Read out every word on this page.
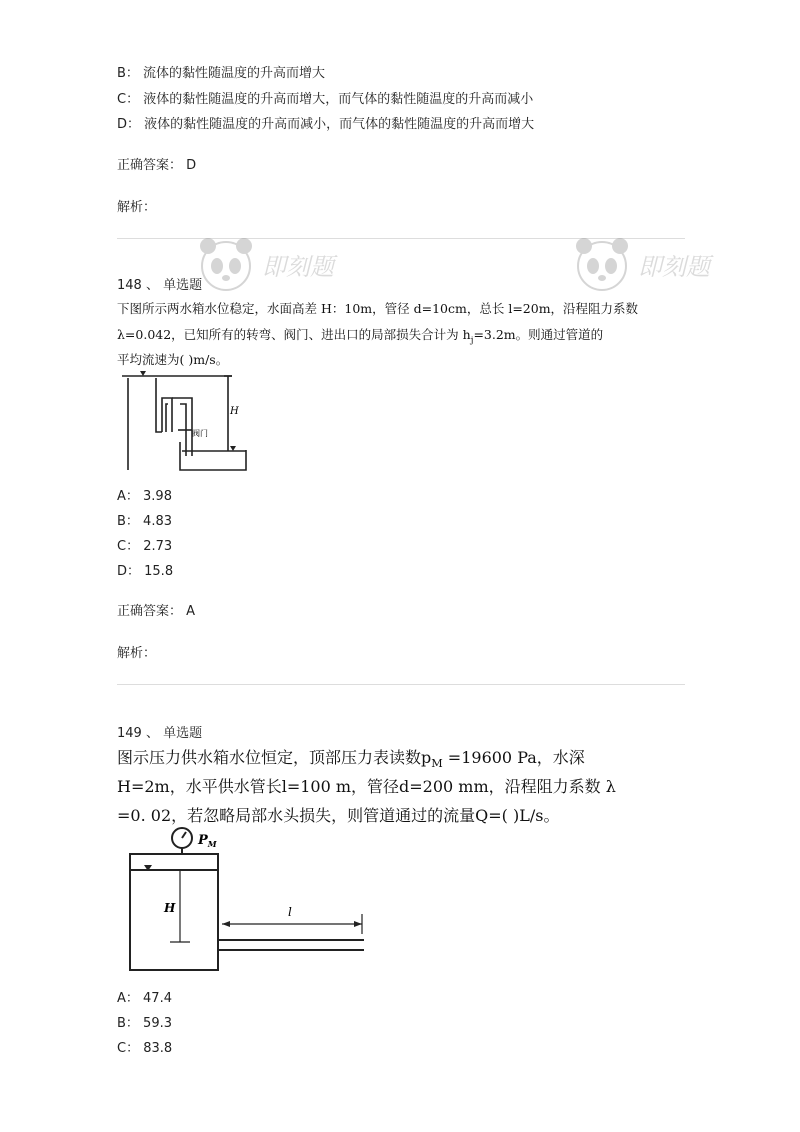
B： 流体的黏性随温度的升高而增大
C： 液体的黏性随温度的升高而增大，而气体的黏性随温度的升高而减小
D： 液体的黏性随温度的升高而减小，而气体的黏性随温度的升高而增大
正确答案： D
解析：
即刻题	即刻题
148 、 单选题
下图所示两水箱水位稳定，水面高差 H：10m，管径 d=10cm，总长 l=20m，沿程阻力系数
λ=0.042，已知所有的转弯、阀门、进出口的局部损失合计为 $h_j=3.2m$。则通过管道的
平均流速为( )m/s。
H
阀门
A： 3.98
B： 4.83
C： 2.73
D： 15.8
正确答案： A
解析：
149 、 单选题
图示压力供水箱水位恒定，顶部压力表读数$p_M =19600$ Pa，水深
H=2m，水平供水管长l=100 m，管径d=200 mm，沿程阻力系数 λ
=0. 02，若忽略局部水头损失，则管道通过的流量Q=( )L/s。
$P_M$
H	l
A： 47.4
B： 59.3
C： 83.8
